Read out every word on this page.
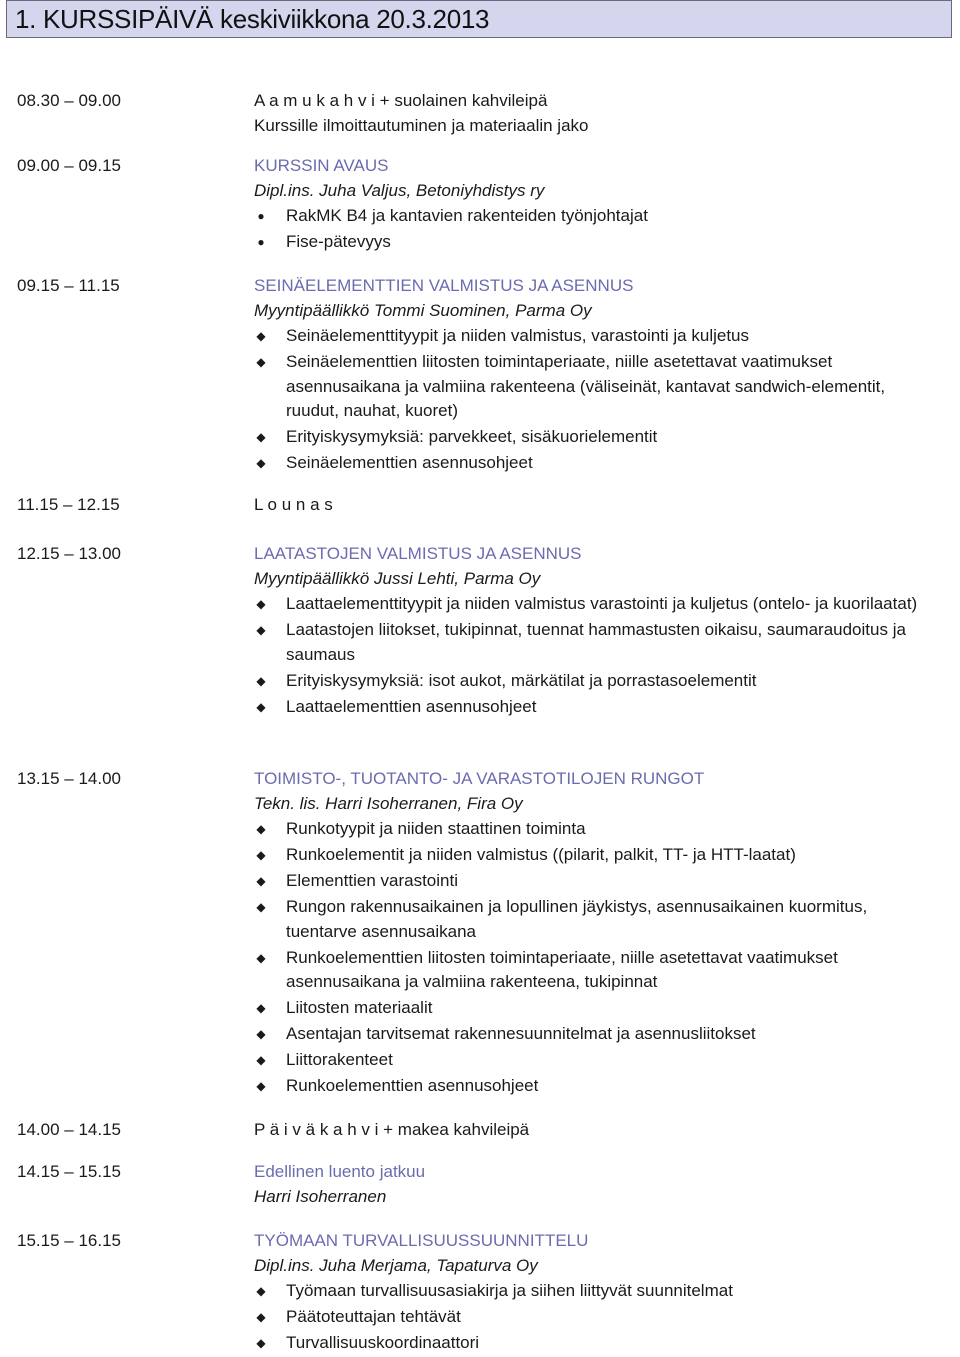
1. KURSSIPÄIVÄ keskiviikkona 20.3.2013
08.30 – 09.00	A a m u k a h v i + suolainen kahvileipä
Kurssille ilmoittautuminen ja materiaalin jako
09.00 – 09.15	KURSSIN AVAUS
Dipl.ins. Juha Valjus, Betoniyhdistys ry
● RakMK B4 ja kantavien rakenteiden työnjohtajat
● Fise-pätevyys
09.15 – 11.15	SEINÄELEMENTTIEN VALMISTUS JA ASENNUS
Myyntipäällikkö Tommi Suominen, Parma Oy
◆ Seinäelementtityypit ja niiden valmistus, varastointi ja kuljetus
◆ Seinäelementtien liitosten toimintaperiaate, niille asetettavat vaatimukset asennusaikana ja valmiina rakenteena (väliseinät, kantavat sandwich-elementit, ruudut, nauhat, kuoret)
◆ Erityiskysymyksiä: parvekkeet, sisäkuorielementit
◆ Seinäelementtien asennusohjeet
11.15 – 12.15	L o u n a s
12.15 – 13.00	LAATASTOJEN VALMISTUS JA ASENNUS
Myyntipäällikkö Jussi Lehti, Parma Oy
◆ Laattaelementtityypit ja niiden valmistus varastointi ja kuljetus (ontelo- ja kuorilaatat)
◆ Laatastojen liitokset, tukipinnat, tuennat hammastusten oikaisu, saumaraudoitus ja saumaus
◆ Erityiskysymyksiä: isot aukot, märkätilat ja porrastasoelementit
◆ Laattaelementtien asennusohjeet
13.15 – 14.00	TOIMISTO-, TUOTANTO- JA VARASTOTILOJEN RUNGOT
Tekn. lis. Harri Isoherranen, Fira Oy
◆ Runkotyypit ja niiden staattinen toiminta
◆ Runkoelementit ja niiden valmistus ((pilarit, palkit, TT- ja HTT-laatat)
◆ Elementtien varastointi
◆ Rungon rakennusaikainen ja lopullinen jäykistys, asennusaikainen kuormitus, tuentarve asennusaikana
◆ Runkoelementtien liitosten toimintaperiaate, niille asetettavat vaatimukset asennusaikana ja valmiina rakenteena, tukipinnat
◆ Liitosten materiaalit
◆ Asentajan tarvitsemat rakennesuunnitelmat ja asennusliitokset
◆ Liittorakenteet
◆ Runkoelementtien asennusohjeet
14.00 – 14.15	P ä i v ä k a h v i + makea kahvileipä
14.15 – 15.15	Edellinen luento jatkuu
Harri Isoherranen
15.15 – 16.15	TYÖMAAN TURVALLISUUSSUUNNITTELU
Dipl.ins. Juha Merjama, Tapaturva Oy
◆ Työmaan turvallisuusasiakirja ja siihen liittyvät suunnitelmat
◆ Päätoteuttajan tehtävät
◆ Turvallisuuskoordinaattori
